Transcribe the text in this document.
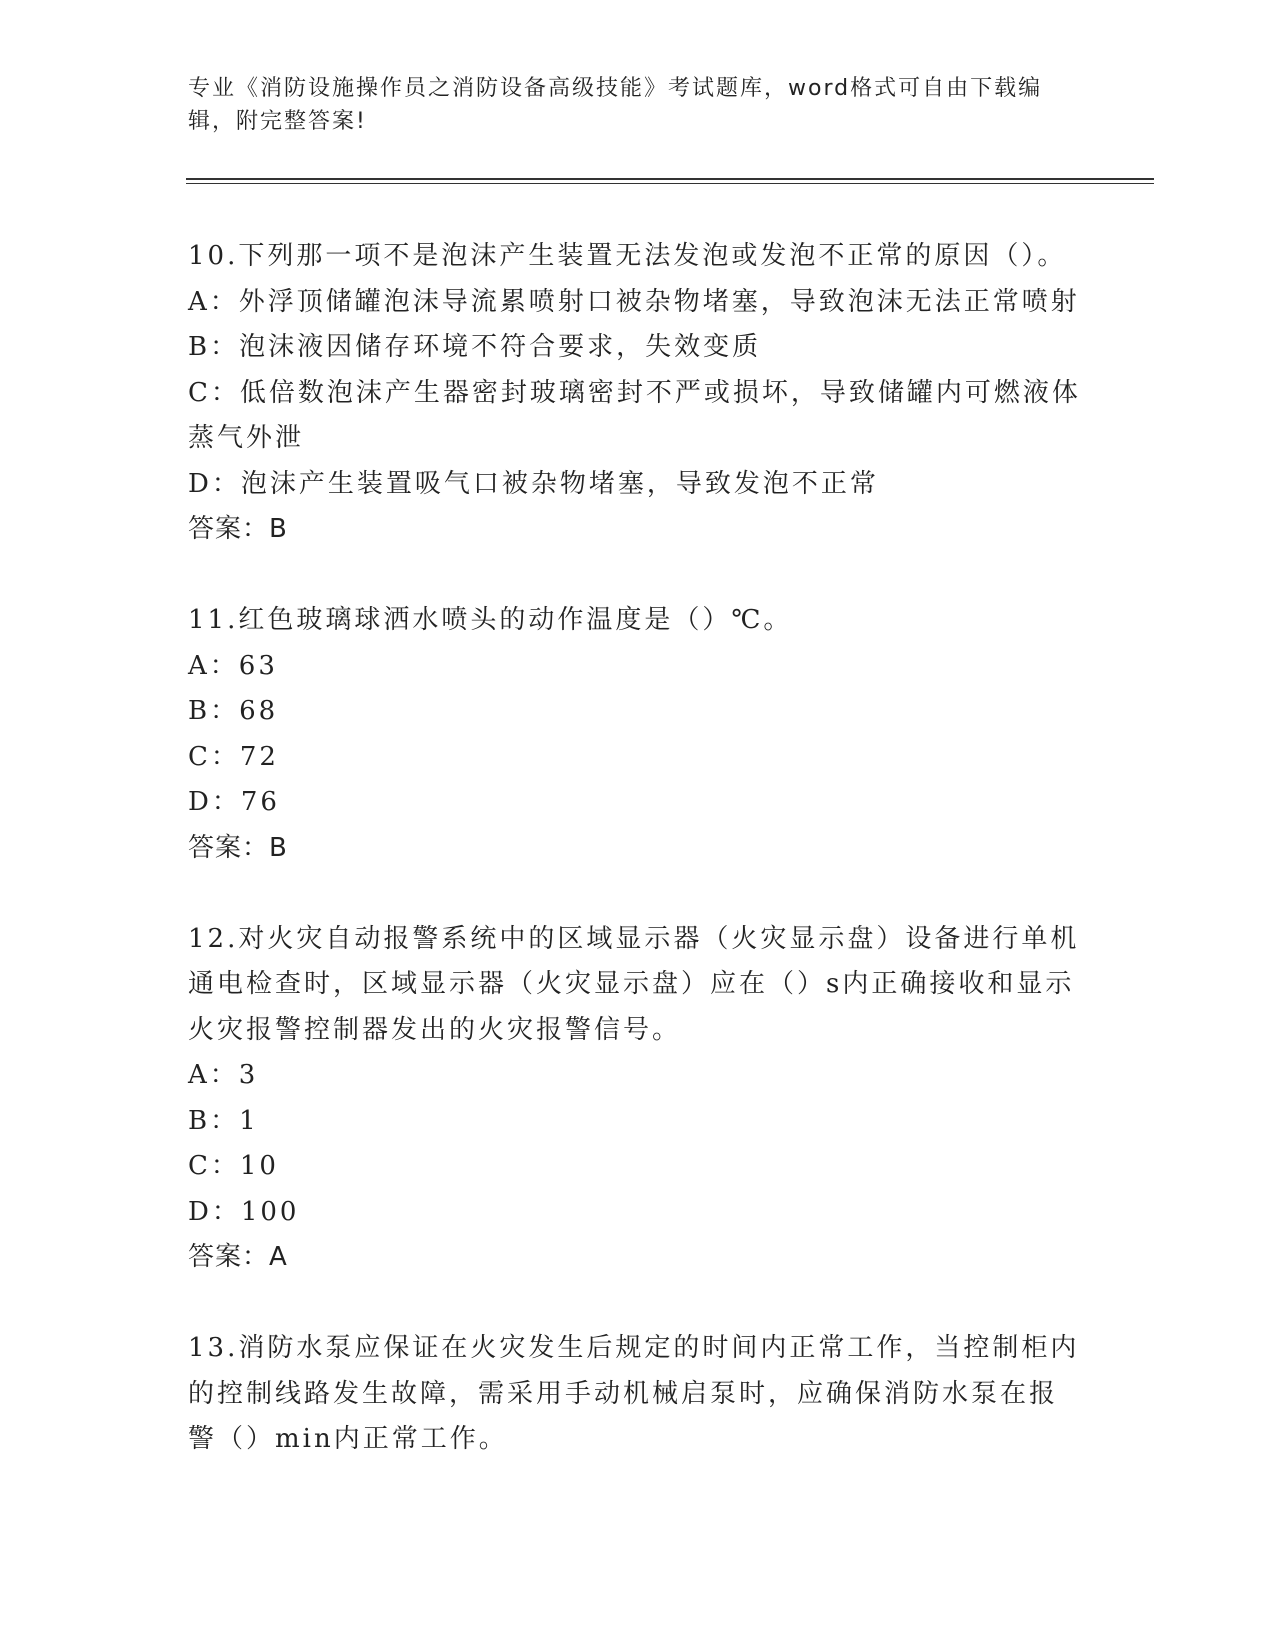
专业《消防设施操作员之消防设备高级技能》考试题库，word格式可自由下载编
辑，附完整答案!
10.下列那一项不是泡沫产生装置无法发泡或发泡不正常的原因（）。
A：外浮顶储罐泡沫导流累喷射口被杂物堵塞，导致泡沫无法正常喷射
B：泡沫液因储存环境不符合要求，失效变质
C：低倍数泡沫产生器密封玻璃密封不严或损坏，导致储罐内可燃液体
蒸气外泄
D：泡沫产生装置吸气口被杂物堵塞，导致发泡不正常
答案：B
11.红色玻璃球洒水喷头的动作温度是（）℃。
A：63
B：68
C：72
D：76
答案：B
12.对火灾自动报警系统中的区域显示器（火灾显示盘）设备进行单机
通电检查时，区域显示器（火灾显示盘）应在（）s内正确接收和显示
火灾报警控制器发出的火灾报警信号。
A：3
B：1
C：10
D：100
答案：A
13.消防水泵应保证在火灾发生后规定的时间内正常工作，当控制柜内
的控制线路发生故障，需采用手动机械启泵时，应确保消防水泵在报
警（）min内正常工作。
